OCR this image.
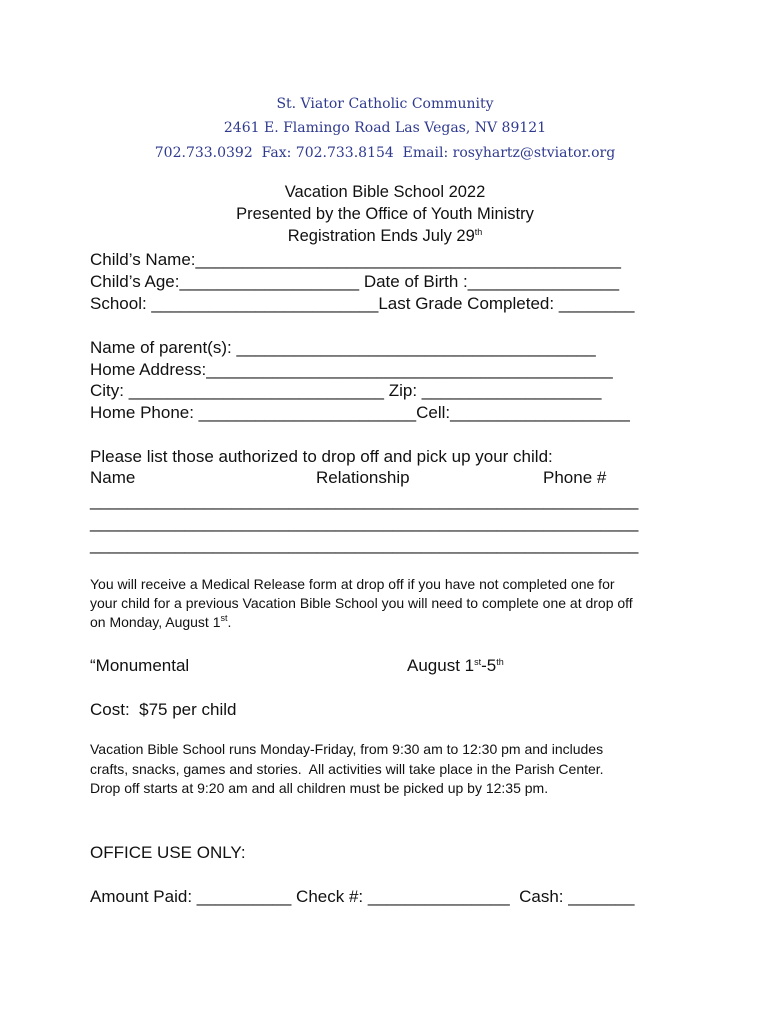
St. Viator Catholic Community
2461 E. Flamingo Road Las Vegas, NV 89121
702.733.0392  Fax: 702.733.8154  Email: rosyhartz@stviator.org
Vacation Bible School 2022
Presented by the Office of Youth Ministry
Registration Ends July 29th
Child’s Name:_____________________________________________
Child’s Age:___________________ Date of Birth :________________
School: ________________________Last Grade Completed: ________
Name of parent(s): ______________________________________
Home Address:___________________________________________
City: ___________________________ Zip: ___________________
Home Phone: _______________________Cell:___________________
Please list those authorized to drop off and pick up your child:
Name	Relationship	Phone #
__________________________________________________________
__________________________________________________________
__________________________________________________________
You will receive a Medical Release form at drop off if you have not completed one for
your child for a previous Vacation Bible School you will need to complete one at drop off
on Monday, August 1st.
“Monumental	August 1st-5th
Cost:  $75 per child
Vacation Bible School runs Monday-Friday, from 9:30 am to 12:30 pm and includes
crafts, snacks, games and stories.  All activities will take place in the Parish Center.
Drop off starts at 9:20 am and all children must be picked up by 12:35 pm.
OFFICE USE ONLY:
Amount Paid: __________ Check #: _______________  Cash: _______
